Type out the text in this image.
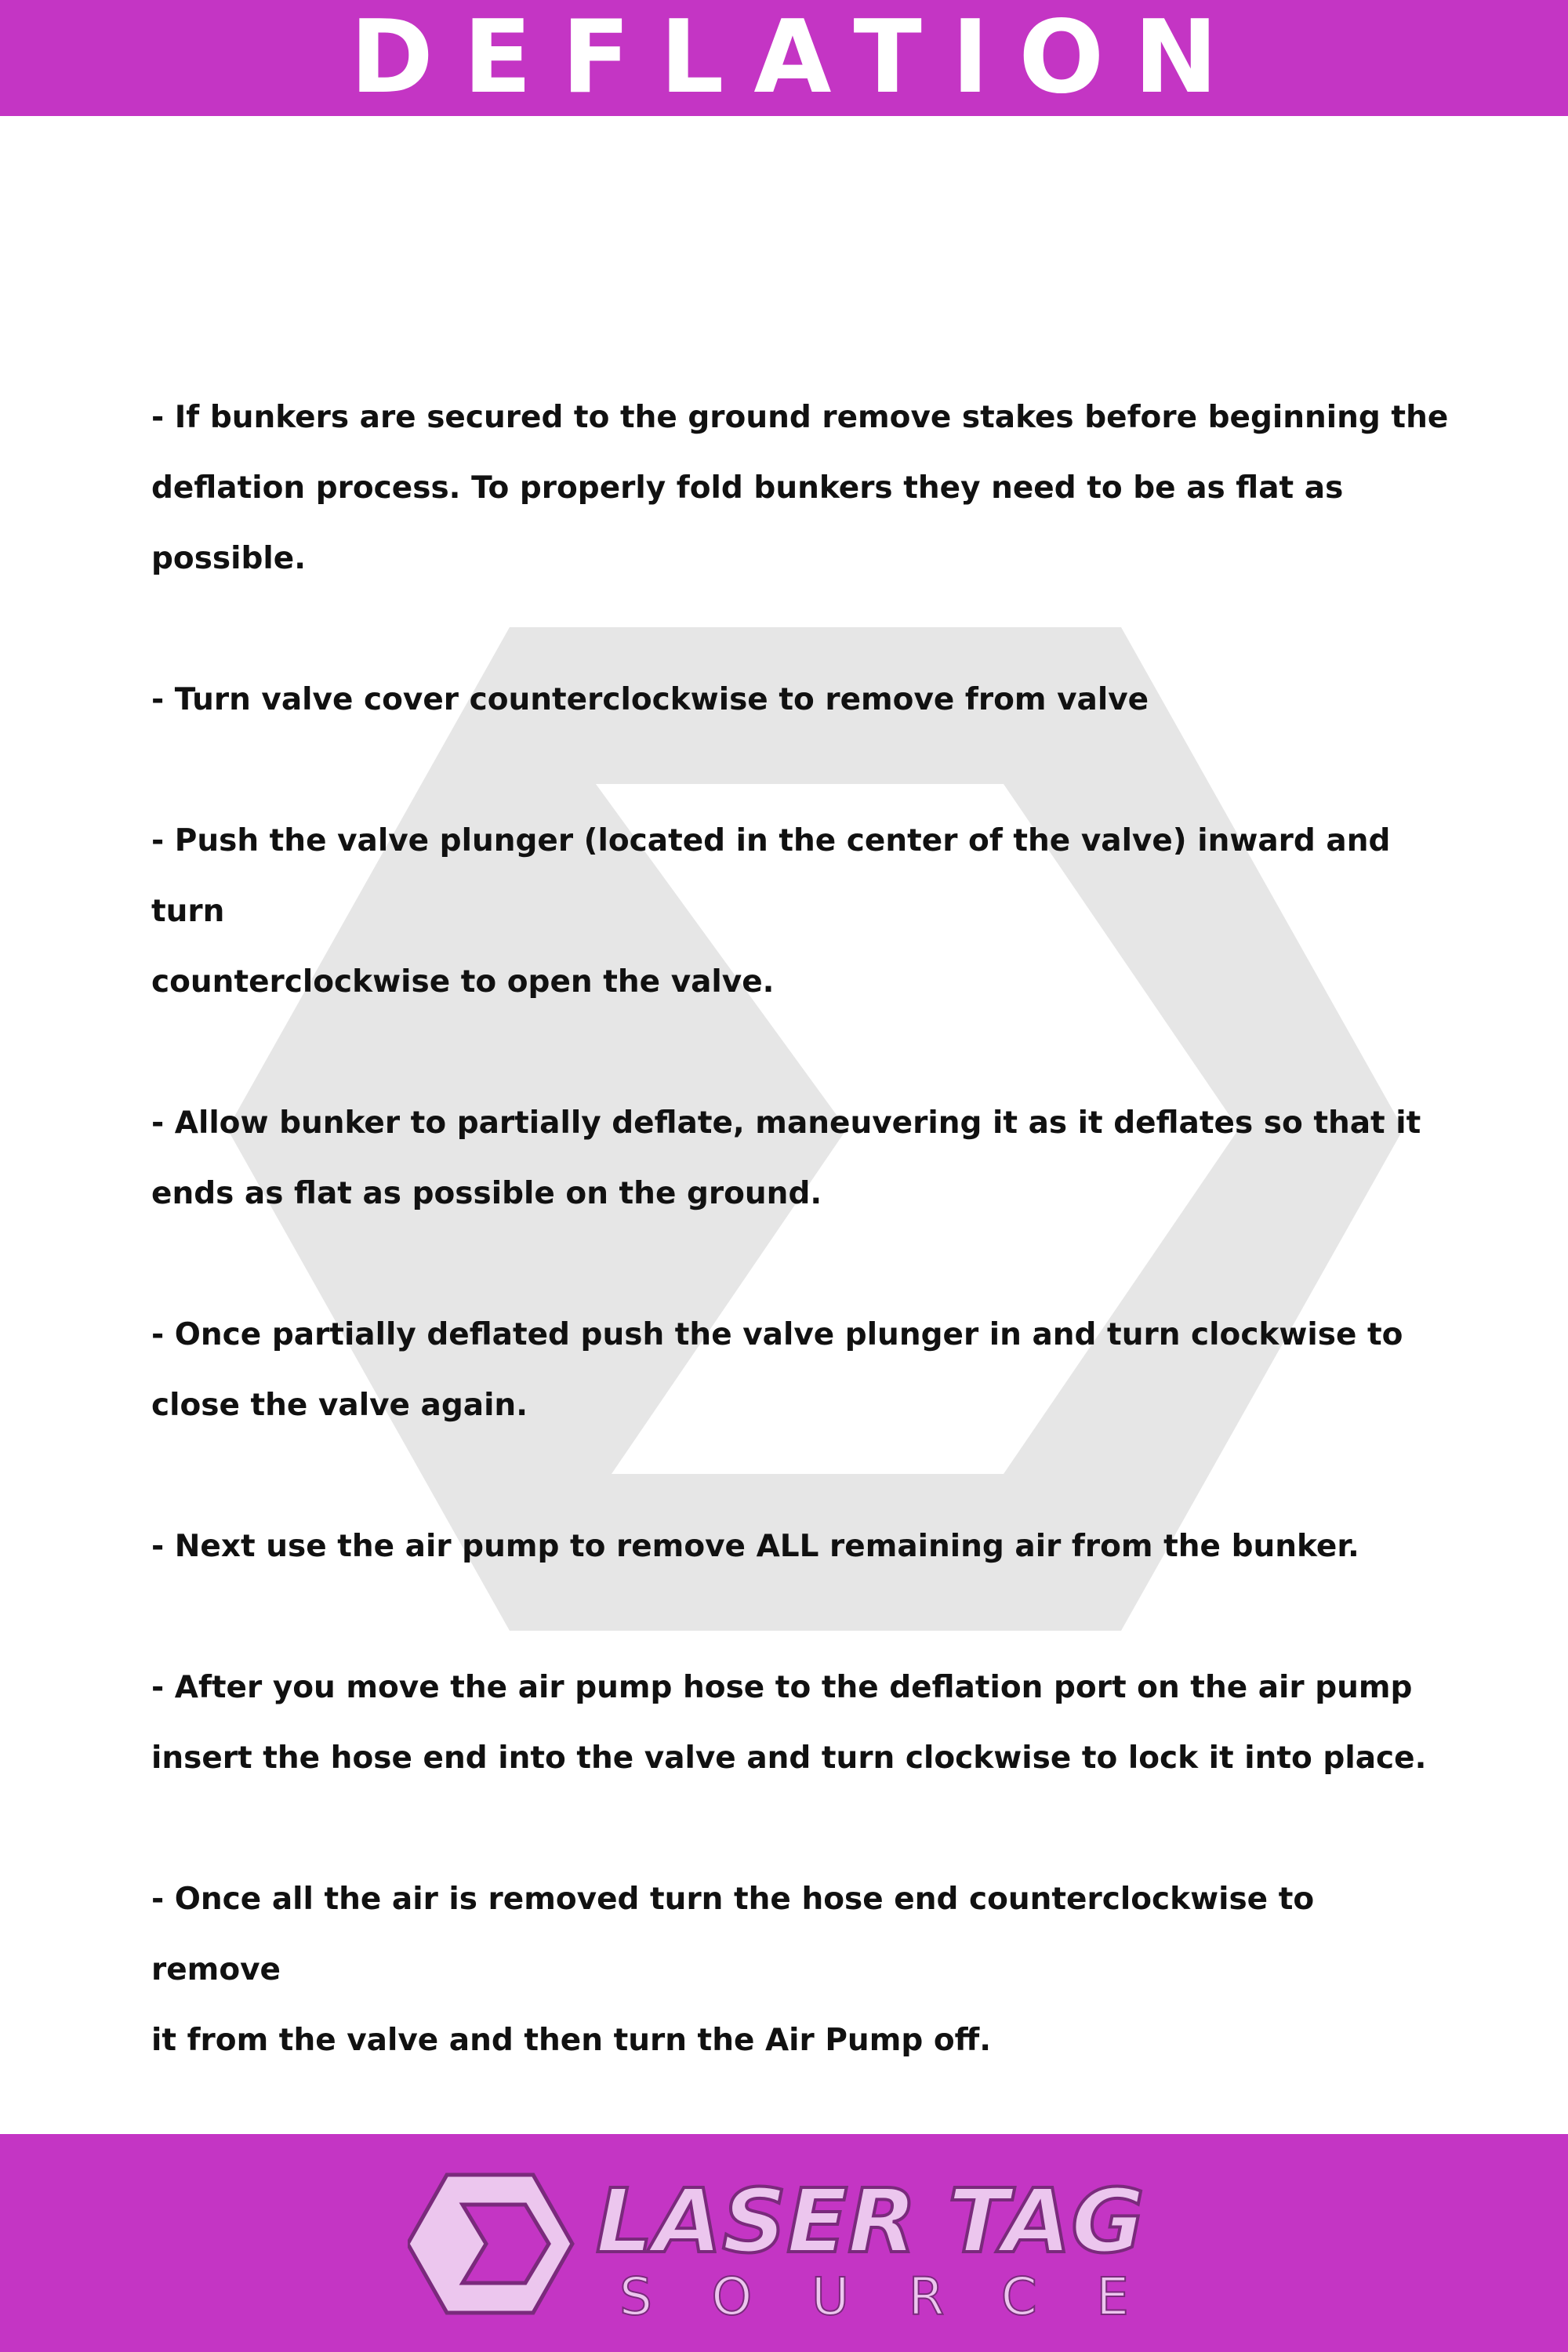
DEFLATION

- If bunkers are secured to the ground remove stakes before beginning the
deflation process. To properly fold bunkers they need to be as flat as possible.

- Turn valve cover counterclockwise to remove from valve

- Push the valve plunger (located in the center of the valve) inward and turn
counterclockwise to open the valve.

- Allow bunker to partially deflate, maneuvering it as it deflates so that it
ends as flat as possible on the ground.

- Once partially deflated push the valve plunger in and turn clockwise to
close the valve again.

- Next use the air pump to remove ALL remaining air from the bunker.

- After you move the air pump hose to the deflation port on the air pump
insert the hose end into the valve and turn clockwise to lock it into place.

- Once all the air is removed turn the hose end counterclockwise to remove
it from the valve and then turn the Air Pump off.

LASER TAG
SOURCE
